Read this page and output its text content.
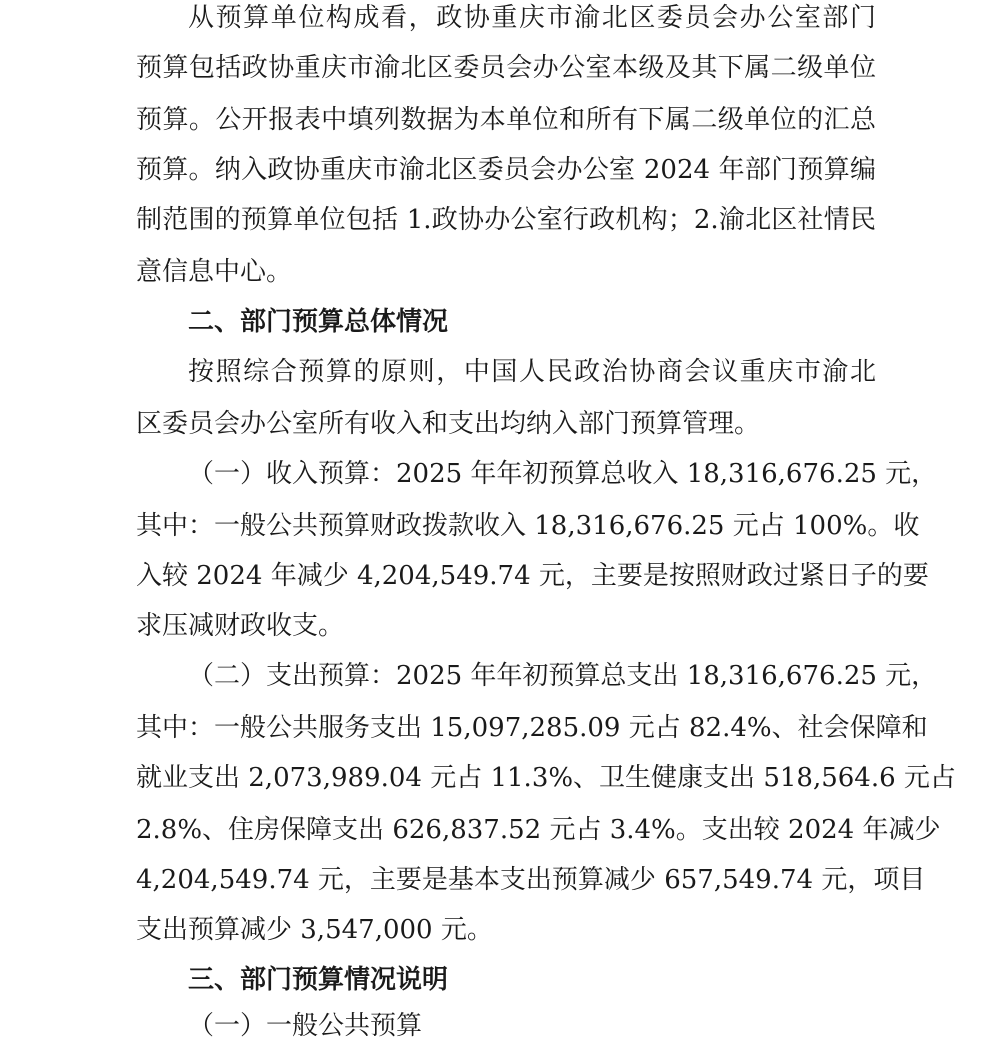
从预算单位构成看，政协重庆市渝北区委员会办公室部门
预算包括政协重庆市渝北区委员会办公室本级及其下属二级单位
预算。公开报表中填列数据为本单位和所有下属二级单位的汇总
预算。纳入政协重庆市渝北区委员会办公室 2024 年部门预算编
制范围的预算单位包括 1.政协办公室行政机构；2.渝北区社情民
意信息中心。
二、部门预算总体情况
按照综合预算的原则，中国人民政治协商会议重庆市渝北
区委员会办公室所有收入和支出均纳入部门预算管理。
（一）收入预算：2025 年年初预算总收入 18,316,676.25 元，
其中：一般公共预算财政拨款收入 18,316,676.25 元占 100%。收
入较 2024 年减少 4,204,549.74 元，主要是按照财政过紧日子的要
求压减财政收支。
（二）支出预算：2025 年年初预算总支出 18,316,676.25 元，
其中：一般公共服务支出 15,097,285.09 元占 82.4%、社会保障和
就业支出 2,073,989.04 元占 11.3%、卫生健康支出 518,564.6 元占
2.8%、住房保障支出 626,837.52 元占 3.4%。支出较 2024 年减少
4,204,549.74 元，主要是基本支出预算减少 657,549.74 元，项目
支出预算减少 3,547,000 元。
三、部门预算情况说明
（一）一般公共预算
